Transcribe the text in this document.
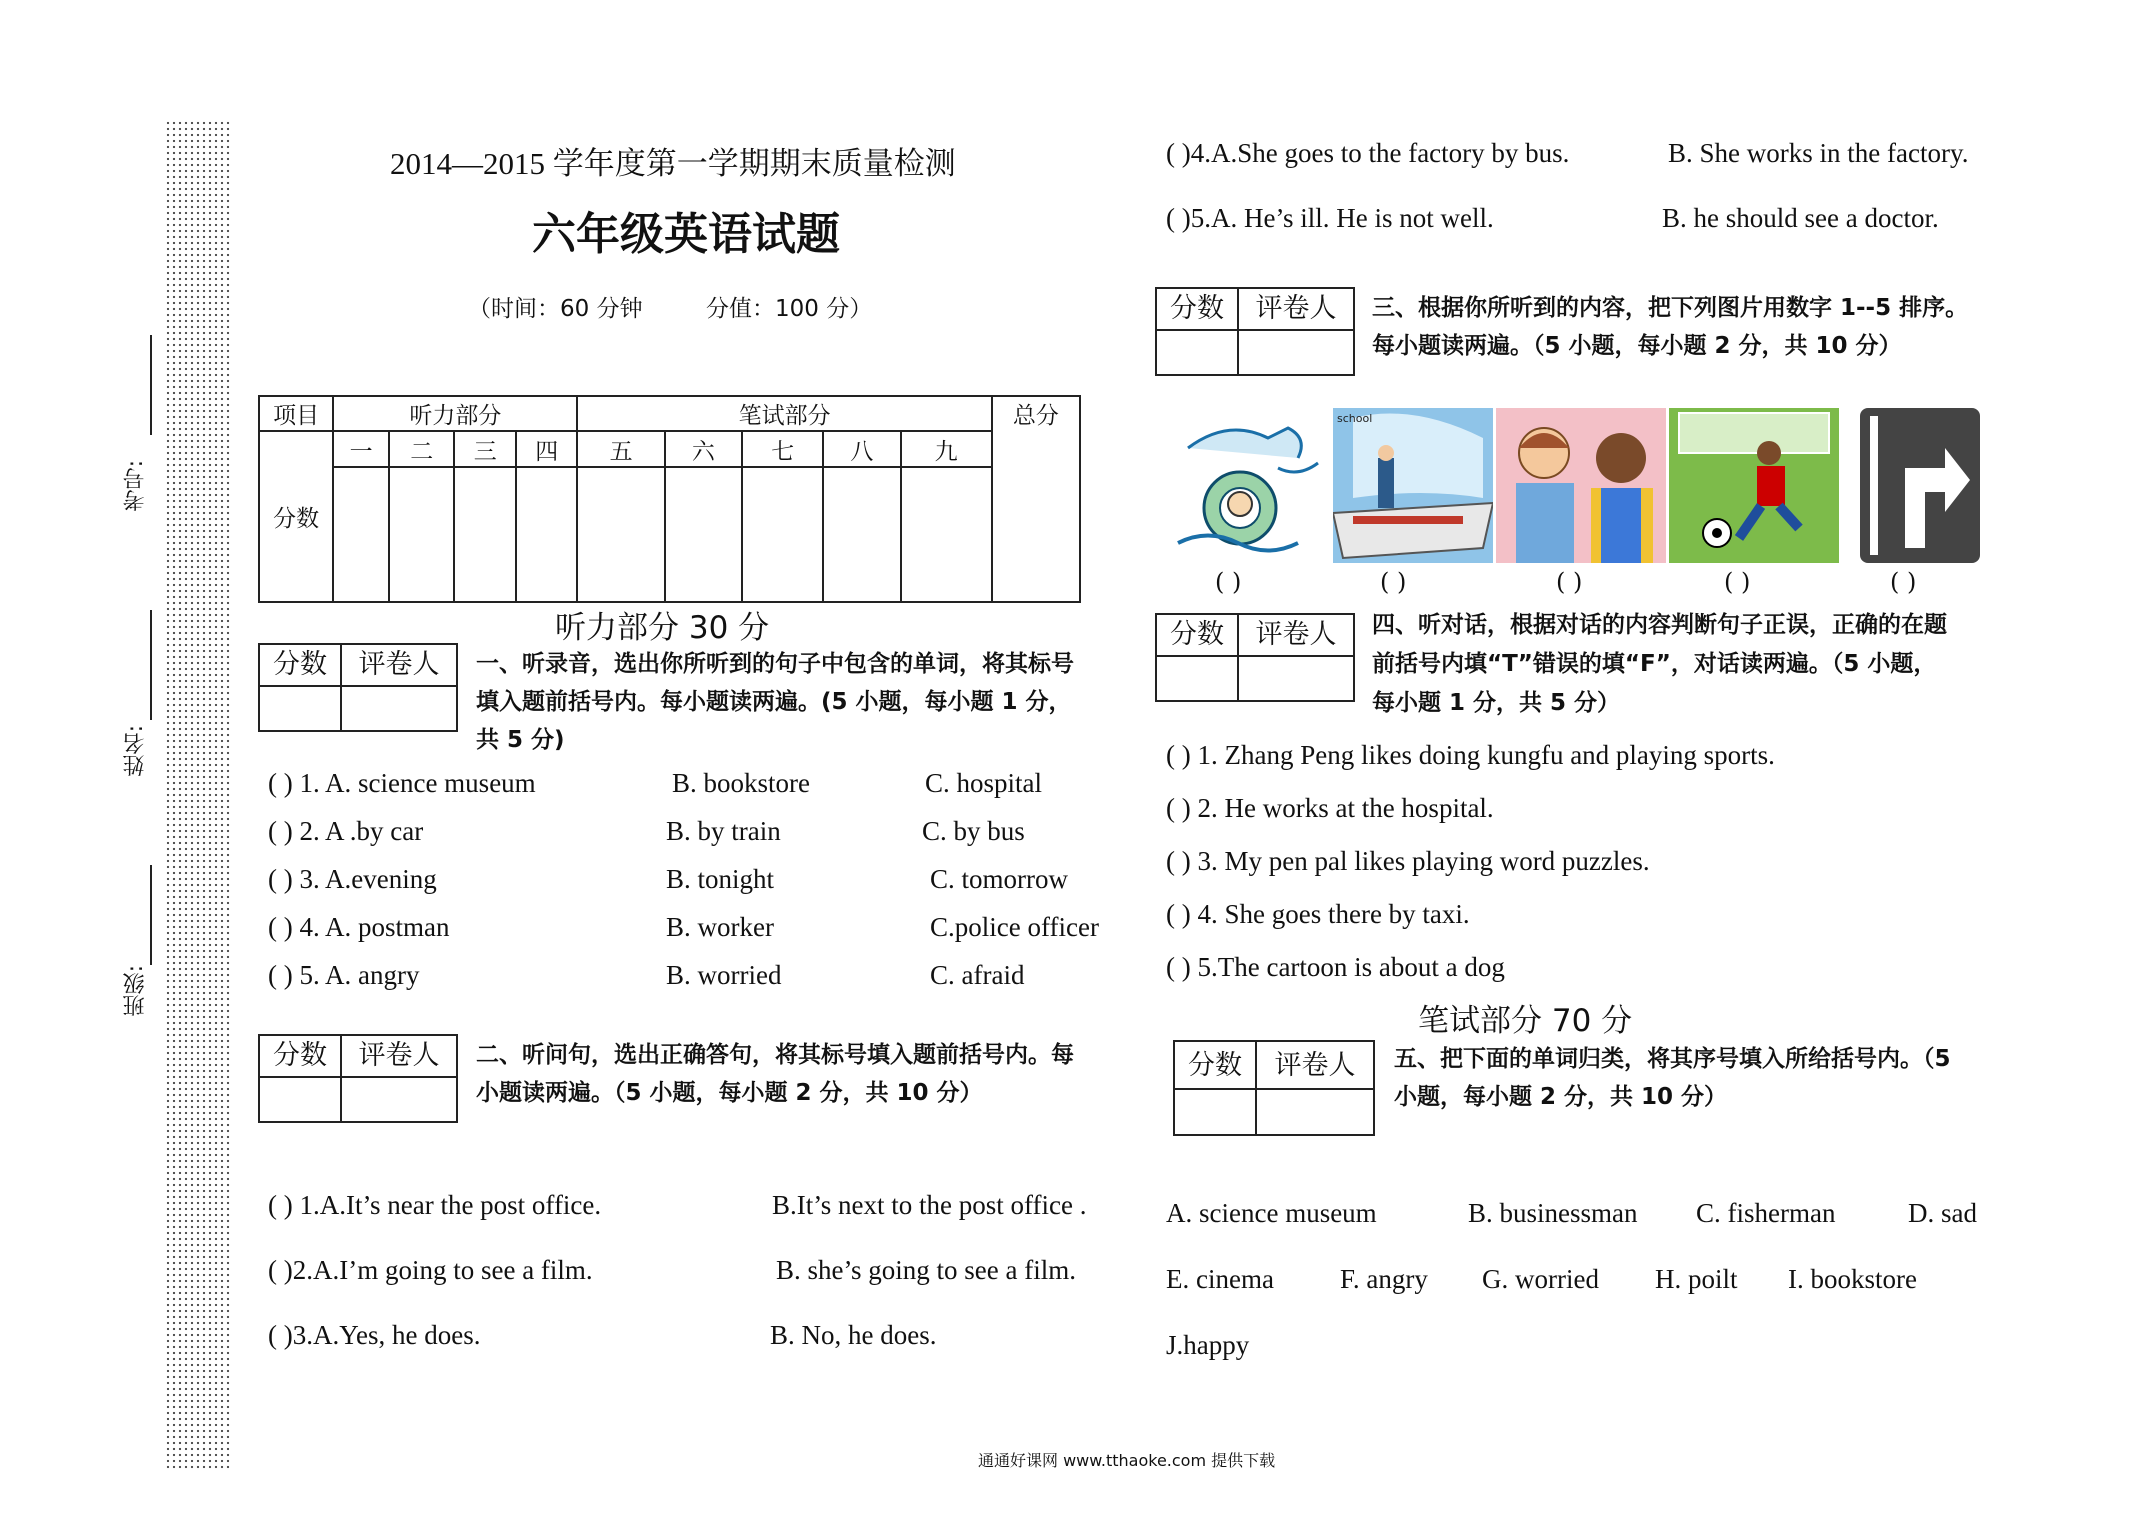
考号:
姓名:
班级:
2014—2015 学年度第一学期期末质量检测
六年级英语试题
（时间：60 分钟	分值：100 分）
项目	听力部分				笔试部分					总分
分数	一	二	三	四	五	六	七	八	九	

听力部分 30 分
分数	评卷人	一、听录音，选出你所听到的句子中包含的单词，将其标号
填入题前括号内。每小题读两遍。(5 小题，每小题 1 分，
共 5 分)
( ) 1. A. science museum	B. bookstore	C. hospital
( ) 2. A .by car	B. by train	C. by bus
( ) 3. A.evening	B. tonight	C. tomorrow
( ) 4. A. postman	B. worker	C.police officer
( ) 5. A. angry	B. worried	C. afraid
分数	评卷人	二、听问句，选出正确答句，将其标号填入题前括号内。每
小题读两遍。（5 小题，每小题 2 分，共 10 分）
( ) 1.A.It’s near the post office.	B.It’s next to the post office .
( )2.A.I’m going to see a film.	B. she’s going to see a film.
( )3.A.Yes, he does.	B. No, he does.
( )4.A.She goes to the factory by bus.	B. She works in the factory.
( )5.A. He’s ill. He is not well.	B. he should see a doctor.
分数	评卷人	三、根据你所听到的内容，把下列图片用数字 1--5 排序。
每小题读两遍。（5 小题，每小题 2 分，共 10 分）
school
( )	( )	( )	( )	( )
分数	评卷人	四、听对话，根据对话的内容判断句子正误，正确的在题
前括号内填“T”错误的填“F”，对话读两遍。（5 小题，
每小题 1 分，共 5 分）
( ) 1. Zhang Peng likes doing kungfu and playing sports.
( ) 2. He works at the hospital.
( ) 3. My pen pal likes playing word puzzles.
( ) 4. She goes there by taxi.
( ) 5.The cartoon is about a dog
笔试部分 70 分
分数	评卷人	五、把下面的单词归类，将其序号填入所给括号内。（5
小题，每小题 2 分，共 10 分）
A. science museum	B. businessman C. fisherman	D. sad
E. cinema F. angry G. worried H. poilt I. bookstore
J.happy
通通好课网 www.tthaoke.com 提供下载
